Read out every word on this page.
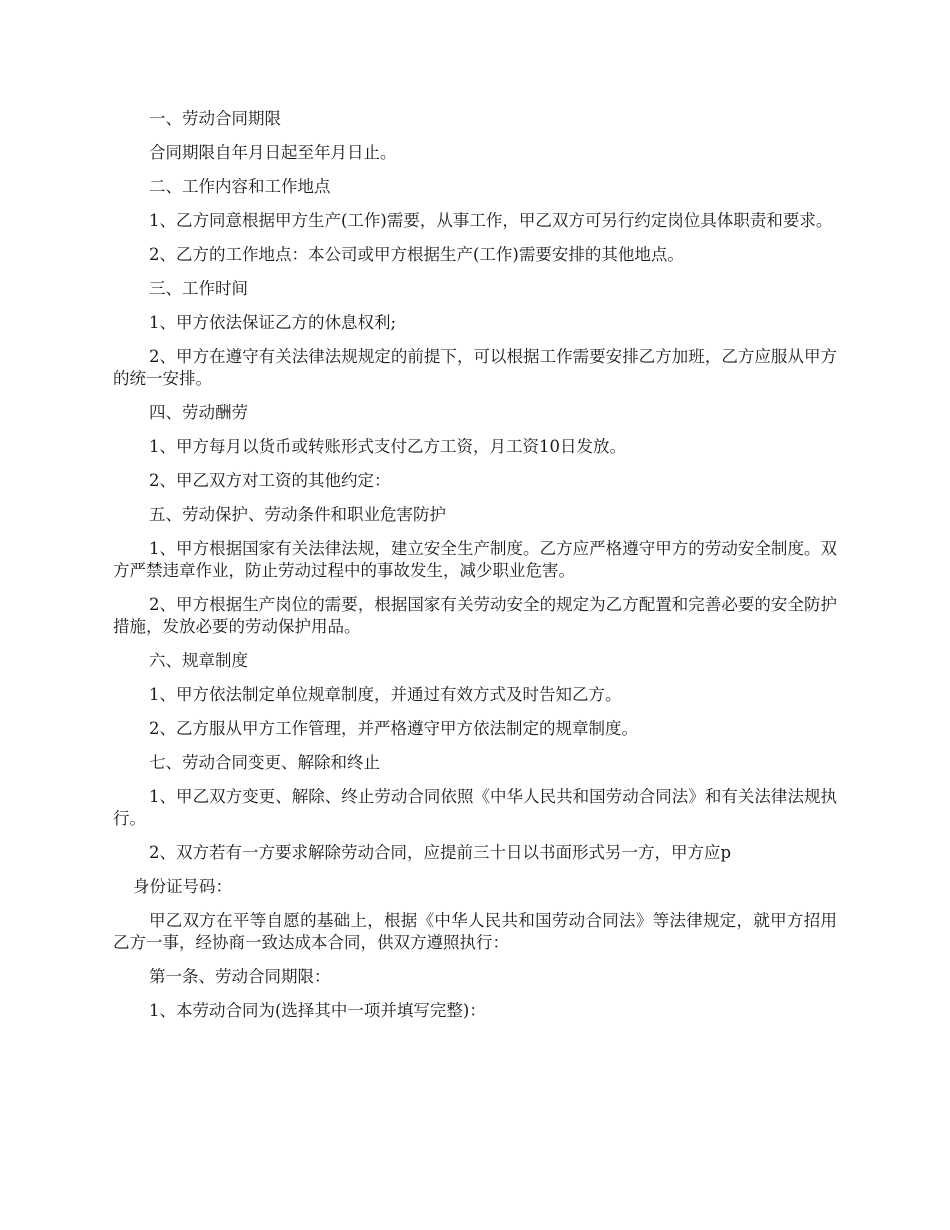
一、劳动合同期限

合同期限自年月日起至年月日止。

二、工作内容和工作地点

1、乙方同意根据甲方生产(工作)需要，从事工作，甲乙双方可另行约定岗位具体职责和要求。

2、乙方的工作地点：本公司或甲方根据生产(工作)需要安排的其他地点。

三、工作时间

1、甲方依法保证乙方的休息权利;

2、甲方在遵守有关法律法规规定的前提下，可以根据工作需要安排乙方加班，乙方应服从甲方的统一安排。

四、劳动酬劳

1、甲方每月以货币或转账形式支付乙方工资，月工资10日发放。

2、甲乙双方对工资的其他约定：

五、劳动保护、劳动条件和职业危害防护

1、甲方根据国家有关法律法规，建立安全生产制度。乙方应严格遵守甲方的劳动安全制度。双方严禁违章作业，防止劳动过程中的事故发生，减少职业危害。

2、甲方根据生产岗位的需要，根据国家有关劳动安全的规定为乙方配置和完善必要的安全防护措施，发放必要的劳动保护用品。

六、规章制度

1、甲方依法制定单位规章制度，并通过有效方式及时告知乙方。

2、乙方服从甲方工作管理，并严格遵守甲方依法制定的规章制度。

七、劳动合同变更、解除和终止

1、甲乙双方变更、解除、终止劳动合同依照《中华人民共和国劳动合同法》和有关法律法规执行。

2、双方若有一方要求解除劳动合同，应提前三十日以书面形式另一方，甲方应p

身份证号码：

甲乙双方在平等自愿的基础上，根据《中华人民共和国劳动合同法》等法律规定，就甲方招用乙方一事，经协商一致达成本合同，供双方遵照执行：

第一条、劳动合同期限：

1、本劳动合同为(选择其中一项并填写完整)：
